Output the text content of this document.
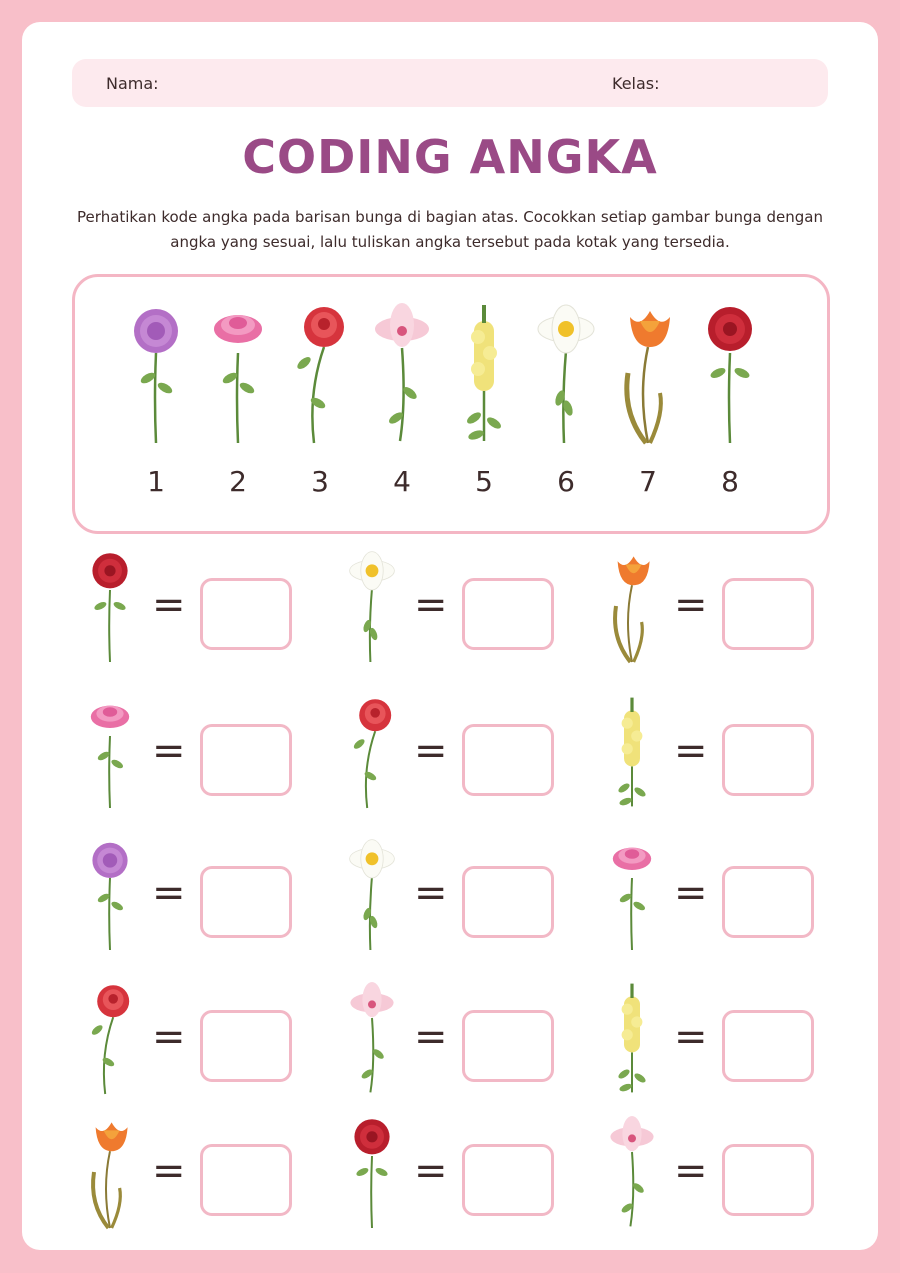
Nama:	Kelas:
CODING ANGKA
Perhatikan kode angka pada barisan bunga di bagian atas. Cocokkan setiap gambar bunga dengan angka yang sesuai, lalu tuliskan angka tersebut pada kotak yang tersedia.
1	2	3	4	5	6	7	8
=	=	=
=	=	=
=	=	=
=	=	=
=	=	=
